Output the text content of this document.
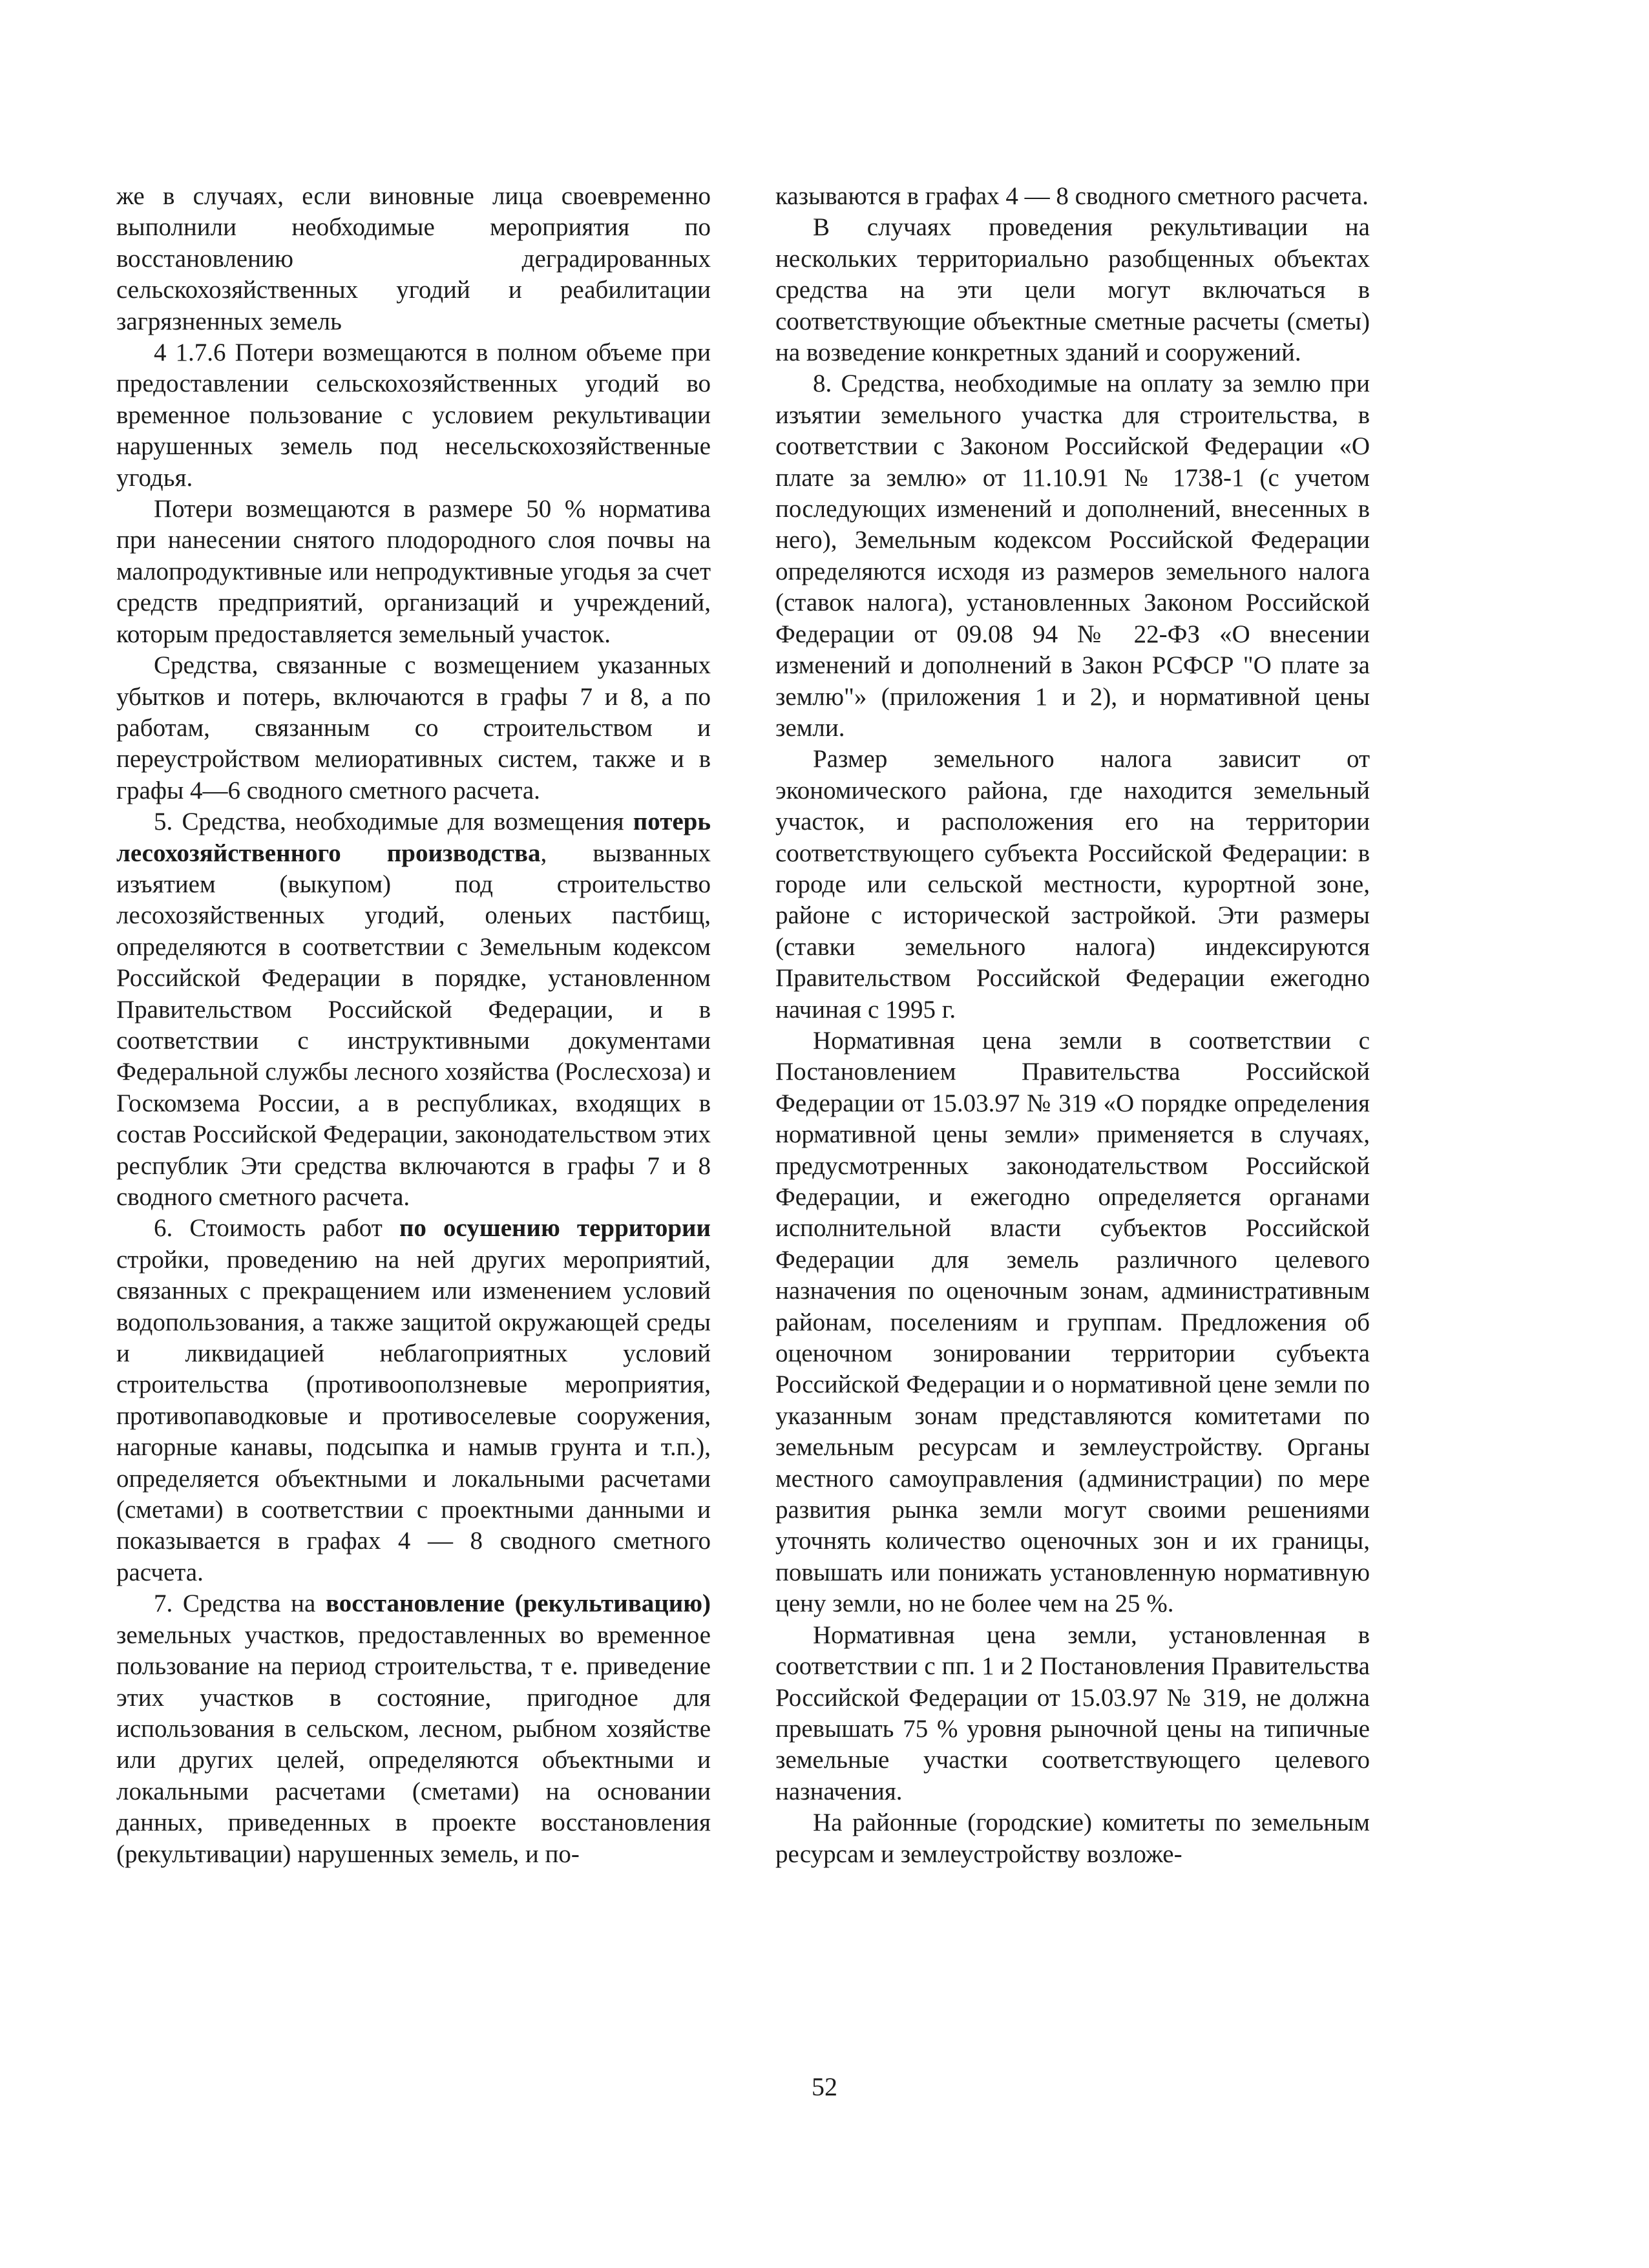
же в случаях, если виновные лица своевременно выполнили необходимые мероприятия по восстановлению деградированных сельскохозяйственных угодий и реабилитации загрязненных земель

4 1.7.6 Потери возмещаются в полном объеме при предоставлении сельскохозяйственных угодий во временное пользование с условием рекультивации нарушенных земель под несельскохозяйственные угодья.

Потери возмещаются в размере 50 % норматива при нанесении снятого плодородного слоя почвы на малопродуктивные или непродуктивные угодья за счет средств предприятий, организаций и учреждений, которым предоставляется земельный участок.

Средства, связанные с возмещением указанных убытков и потерь, включаются в графы 7 и 8, а по работам, связанным со строительством и переустройством мелиоративных систем, также и в графы 4—6 сводного сметного расчета.

5. Средства, необходимые для возмещения потерь лесохозяйственного производства, вызванных изъятием (выкупом) под строительство лесохозяйственных угодий, оленьих пастбищ, определяются в соответствии с Земельным кодексом Российской Федерации в порядке, установленном Правительством Российской Федерации, и в соответствии с инструктивными документами Федеральной службы лесного хозяйства (Рослесхоза) и Госкомзема России, а в республиках, входящих в состав Российской Федерации, законодательством этих республик Эти средства включаются в графы 7 и 8 сводного сметного расчета.

6. Стоимость работ по осушению территории стройки, проведению на ней других мероприятий, связанных с прекращением или изменением условий водопользования, а также защитой окружающей среды и ликвидацией неблагоприятных условий строительства (противооползневые мероприятия, противопаводковые и противоселевые сооружения, нагорные канавы, подсыпка и намыв грунта и т.п.), определяется объектными и локальными расчетами (сметами) в соответствии с проектными данными и показывается в графах 4 — 8 сводного сметного расчета.

7. Средства на восстановление (рекультивацию) земельных участков, предоставленных во временное пользование на период строительства, т е. приведение этих участков в состояние, пригодное для использования в сельском, лесном, рыбном хозяйстве или других целей, определяются объектными и локальными расчетами (сметами) на основании данных, приведенных в проекте восстановления (рекультивации) нарушенных земель, и по-

казываются в графах 4 — 8 сводного сметного расчета.

В случаях проведения рекультивации на нескольких территориально разобщенных объектах средства на эти цели могут включаться в соответствующие объектные сметные расчеты (сметы) на возведение конкретных зданий и сооружений.

8. Средства, необходимые на оплату за землю при изъятии земельного участка для строительства, в соответствии с Законом Российской Федерации «О плате за землю» от 11.10.91 № 1738-1 (с учетом последующих изменений и дополнений, внесенных в него), Земельным кодексом Российской Федерации определяются исходя из размеров земельного налога (ставок налога), установленных Законом Российской Федерации от 09.08 94 № 22-ФЗ «О внесении изменений и дополнений в Закон РСФСР "О плате за землю"» (приложения 1 и 2), и нормативной цены земли.

Размер земельного налога зависит от экономического района, где находится земельный участок, и расположения его на территории соответствующего субъекта Российской Федерации: в городе или сельской местности, курортной зоне, районе с исторической застройкой. Эти размеры (ставки земельного налога) индексируются Правительством Российской Федерации ежегодно начиная с 1995 г.

Нормативная цена земли в соответствии с Постановлением Правительства Российской Федерации от 15.03.97 № 319 «О порядке определения нормативной цены земли» применяется в случаях, предусмотренных законодательством Российской Федерации, и ежегодно определяется органами исполнительной власти субъектов Российской Федерации для земель различного целевого назначения по оценочным зонам, административным районам, поселениям и группам. Предложения об оценочном зонировании территории субъекта Российской Федерации и о нормативной цене земли по указанным зонам представляются комитетами по земельным ресурсам и землеустройству. Органы местного самоуправления (администрации) по мере развития рынка земли могут своими решениями уточнять количество оценочных зон и их границы, повышать или понижать установленную нормативную цену земли, но не более чем на 25 %.

Нормативная цена земли, установленная в соответствии с пп. 1 и 2 Постановления Правительства Российской Федерации от 15.03.97 № 319, не должна превышать 75 % уровня рыночной цены на типичные земельные участки соответствующего целевого назначения.

На районные (городские) комитеты по земельным ресурсам и землеустройству возложе-

52
